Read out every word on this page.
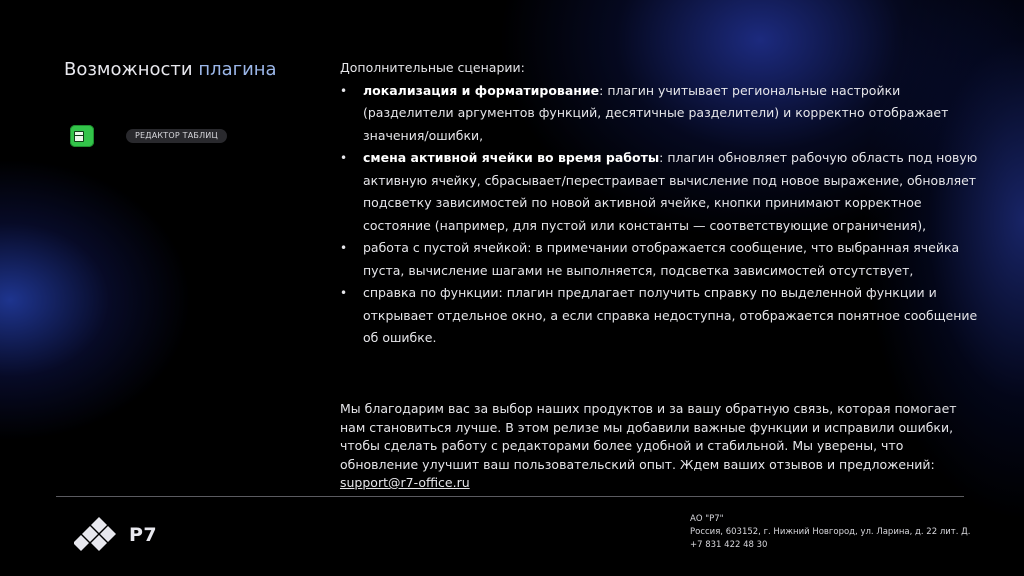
Возможности плагина
РЕДАКТОР ТАБЛИЦ

Дополнительные сценарии:

• локализация и форматирование: плагин учитывает региональные настройки (разделители аргументов функций, десятичные разделители) и корректно отображает значения/ошибки,
• смена активной ячейки во время работы: плагин обновляет рабочую область под новую активную ячейку, сбрасывает/перестраивает вычисление под новое выражение, обновляет подсветку зависимостей по новой активной ячейке, кнопки принимают корректное состояние (например, для пустой или константы — соответствующие ограничения),
• работа с пустой ячейкой: в примечании отображается сообщение, что выбранная ячейка пуста, вычисление шагами не выполняется, подсветка зависимостей отсутствует,
• справка по функции: плагин предлагает получить справку по выделенной функции и открывает отдельное окно, а если справка недоступна, отображается понятное сообщение об ошибке.
Мы благодарим вас за выбор наших продуктов и за вашу обратную связь, которая помогает нам становиться лучше. В этом релизе мы добавили важные функции и исправили ошибки, чтобы сделать работу с редакторами более удобной и стабильной. Мы уверены, что обновление улучшит ваш пользовательский опыт. Ждем ваших отзывов и предложений: support@r7-office.ru
Р7
АО "Р7"
Россия, 603152, г. Нижний Новгород, ул. Ларина, д. 22 лит. Д.
+7 831 422 48 30
